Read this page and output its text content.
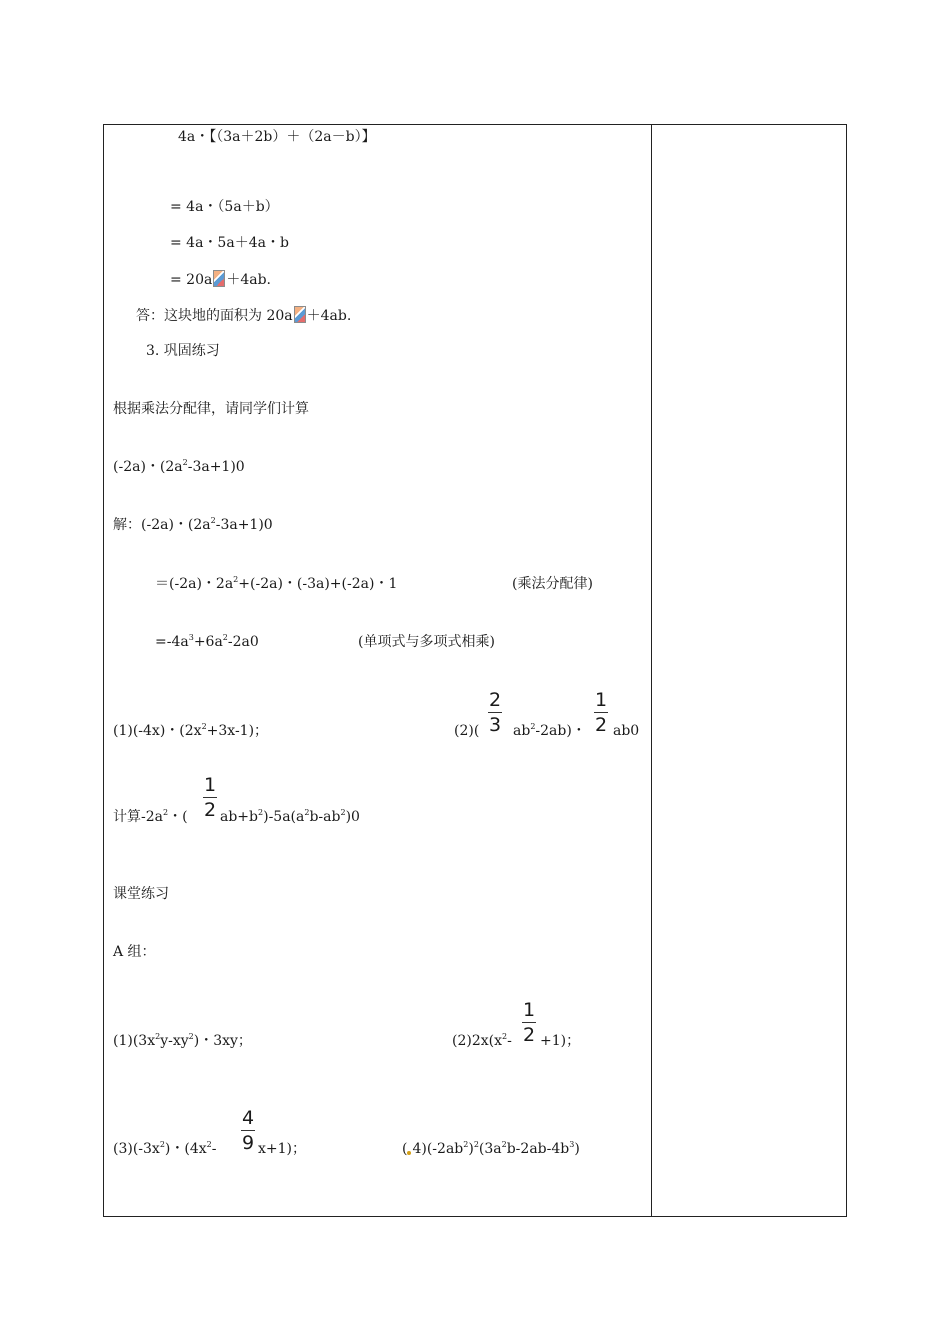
4a・【（3a＋2b）＋（2a－b）】
= 4a・（5a＋b）
= 4a・5a＋4a・b
= 20a ＋4ab.
答：这块地的面积为 20a ＋4ab.
3. 巩固练习
根据乘法分配律，请同学们计算
(-2a)・$(2a^2-3a+1)0$
解：(-2a)・$(2a^2-3a+1)0$
＝(-2a)・$2a^2+(-2a)$・(-3a)+(-2a)・1	(乘法分配律)
$=-4a^3+6a^2-2a0$	(单项式与多项式相乘)
(1)(-4x)・$(2x^2+3x-1)$；	(2)(
2
3 $ab^2-2ab$)・
1
2 ab0
计算$-2a^2$・(
1
2 $ab+b^2)-5a(a^2b-ab^2)0$
课堂练习
A 组：
$(1)(3x^2y-xy^2)$・3xy；	$(2)2x(x^2-$
1
2 +1)；
$(3)(-3x^2)$・($4x^2-$
4
9 x+1)；	( $4)(-2ab^2)^2(3a^2b-2ab-4b^3)$
